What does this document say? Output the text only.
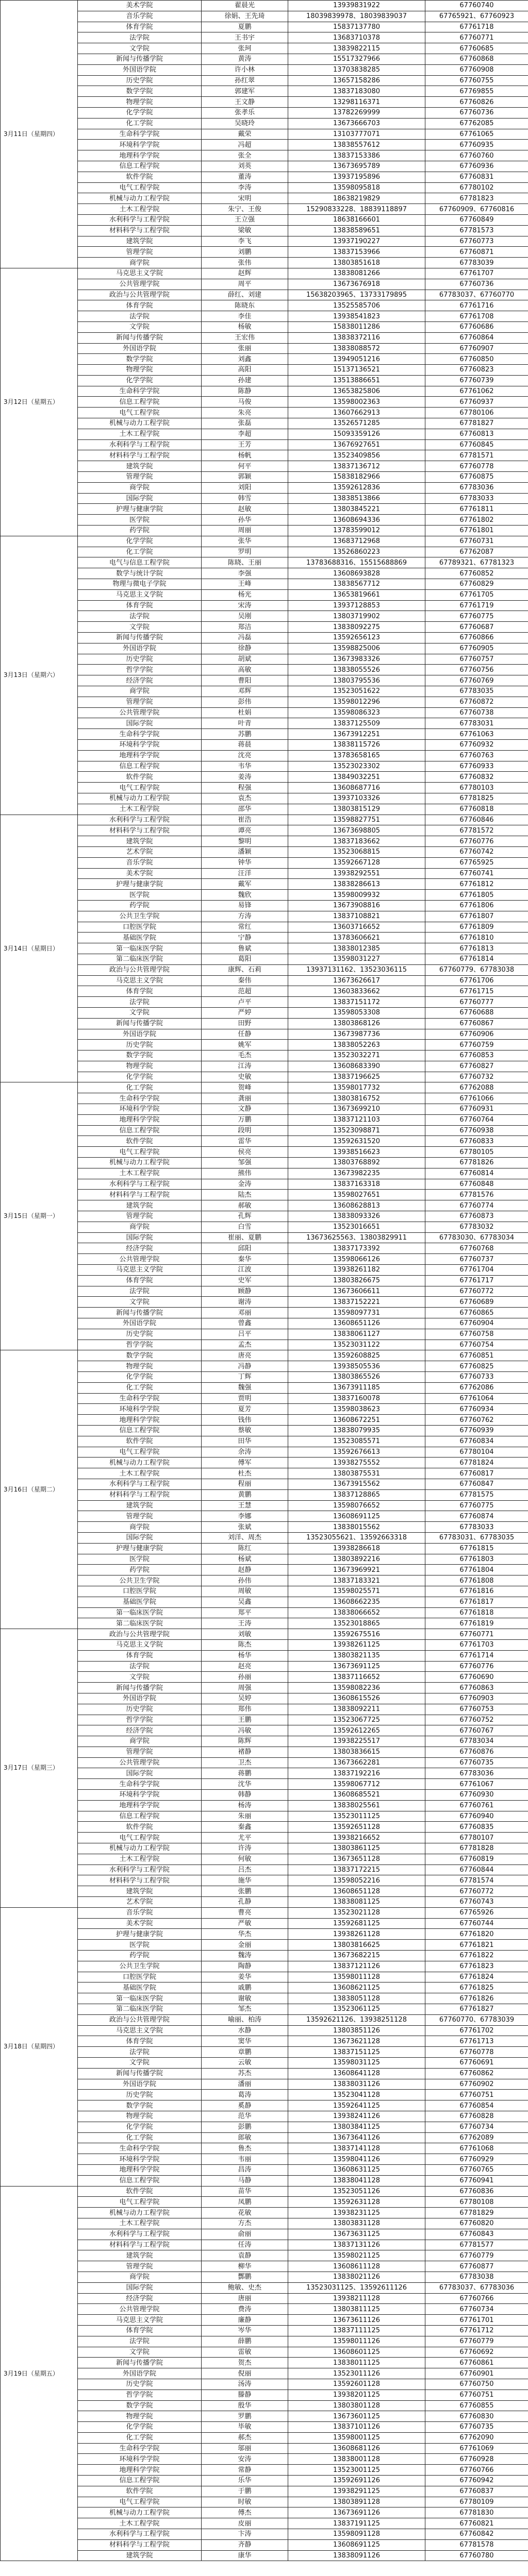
3月11日（星期四）	美术学院	翟晨光	13939831922	67760740
	音乐学院	徐娟、王先琦	18039839978、18039839037	67765921、67760923
	体育学院	夏鹏	15837137780	67761718
	法学院	王书宇	13683710378	67760771
	文学院	张珂	13839822115	67760685
	新闻与传播学院	黄涛	15517327966	67760868
	外国语学院	许小林	13703838285	67760908
	历史学院	孙红翠	13657158286	67760755
	数学学院	郭建军	13837183080	67769855
	物理学院	王文静	13298116371	67760826
	化学学院	张孝乐	13782269999	67760736
	化工学院	吴晓玲	13673666703	67762085
	生命科学学院	戴荣	13103777071	67761065
	环境科学学院	冯超	13838557612	67760935
	地理科学学院	张全	13837153386	67760760
	信息工程学院	刘英	13673695789	67760936
	软件学院	董涛	13937195896	67760831
	电气工程学院	李涛	13598095818	67780102
	机械与动力工程学院	宋明	18638219829	67781823
	土木工程学院	朱宁、王俊	15290833228、18839118897	67760909、67760816
	水利科学与工程学院	王立强	18638166601	67760849
	材料科学与工程学院	梁敏	13838589651	67781573
	建筑学院	李飞	13937190227	67760773
	管理学院	刘鹏	13837153966	67760871
	商学院	张伟	13803851618	67783039
3月12日（星期五）	马克思主义学院	赵辉	13838081266	67761707
	公共管理学院	周平	13673676918	67760736
	政治与公共管理学院	薛红、刘建	15638203965、13733179895	67783037、67760770
	体育学院	陈晓东	13525585706	67761716
	法学院	李佳	13938541823	67761708
	文学院	杨敏	15838011286	67760686
	新闻与传播学院	王宏伟	13838372116	67760864
	外国语学院	张丽	13838088572	67760907
	数学学院	刘鑫	13949051216	67760850
	物理学院	高阳	15137136521	67760823
	化学学院	孙建	13513886651	67760739
	生命科学学院	陈静	13653825806	67761062
	信息工程学院	马俊	13598002363	67760937
	电气工程学院	朱亮	13607662913	67780106
	机械与动力工程学院	张磊	13526571285	67781827
	土木工程学院	李超	15093359126	67760813
	水利科学与工程学院	王芳	13676927651	67760845
	材料科学与工程学院	杨帆	13523409856	67781571
	建筑学院	何平	13837136712	67760778
	管理学院	郭颖	15838182966	67760875
	商学院	刘阳	13592612836	67783036
	国际学院	韩雪	13838513866	67783033
	护理与健康学院	赵敏	13803845221	67761811
	医学院	孙华	13608694336	67761802
	药学院	周丽	13783599012	67761801
3月13日（星期六）	化学学院	张华	13683712968	67760731
	化工学院	罗明	13526860223	67762087
	电气与信息工程学院	陈晓、王丽	13783688316、15515688869	67789321、67781323
	数学与统计学院	李强	13608693828	67760852
	物理与微电子学院	王峰	13838567712	67760829
	马克思主义学院	杨光	13653819661	67761705
	体育学院	宋涛	13937128853	67761719
	法学院	吴刚	13803719902	67760775
	文学院	郑洁	13838092275	67760687
	新闻与传播学院	冯磊	13592656123	67760866
	外国语学院	徐静	13598825006	67760905
	历史学院	胡斌	13673983326	67760757
	哲学学院	高敏	13838055526	67760756
	经济学院	曹阳	13803795536	67760769
	商学院	邓辉	13523051622	67783035
	管理学院	彭伟	13598012296	67760872
	公共管理学院	杜娟	13598086323	67760738
	国际学院	叶青	13837125509	67783031
	生命科学学院	苏鹏	13673912251	67761063
	环境科学学院	蒋晨	13838115726	67760932
	地理科学学院	沈亮	13783658165	67760763
	信息工程学院	韦华	13523023302	67760933
	软件学院	姜涛	13849032251	67760832
	电气工程学院	程强	13608687716	67780103
	机械与动力工程学院	袁杰	13937103326	67781825
	土木工程学院	邵华	13803815129	67760818
3月14日（星期日）	水利科学与工程学院	崔浩	13598827751	67760846
	材料科学与工程学院	谭亮	13673698805	67781572
	建筑学院	黎明	13837183662	67760776
	艺术学院	潘颖	13523068815	67760742
	音乐学院	钟华	13592667128	67765925
	美术学院	汪洋	13938292551	67760741
	护理与健康学院	戴军	13838286613	67761812
	医学院	魏欣	13598009932	67761805
	药学院	易锋	13673908816	67761806
	公共卫生学院	方涛	13837108821	67761807
	口腔医学院	常红	13603716652	67761809
	基础医学院	宁静	13783606621	67761810
	第一临床医学院	鲁斌	13838012385	67761813
	第二临床医学院	葛阳	13598031227	67761814
	政治与公共管理学院	康辉、石莉	13937131162、13523036115	67760779、67783038
	马克思主义学院	秦伟	13673626617	67761706
	体育学院	范超	13603833662	67761715
	法学院	卢平	13837151172	67760777
	文学院	严婷	13598053308	67760688
	新闻与传播学院	田野	13803868126	67760867
	外国语学院	任静	13673987736	67760906
	历史学院	姚军	13838052263	67760759
	数学学院	毛杰	13523032271	67760853
	物理学院	江涛	13608683390	67760827
	化学学院	史敏	13837196625	67760732
3月15日（星期一）	化工学院	贺峰	13598017732	67762088
	生命科学学院	龚丽	13803816752	67761066
	环境科学学院	文静	13673699210	67760931
	地理科学学院	万鹏	13837121103	67760764
	信息工程学院	段明	13523098871	67760938
	软件学院	雷华	13592631520	67760833
	电气工程学院	侯亮	13938516623	67780105
	机械与动力工程学院	邹强	13803768892	67781826
	土木工程学院	熊伟	13673982235	67760814
	水利科学与工程学院	金涛	13837163318	67760848
	材料科学与工程学院	陆杰	13598027651	67781576
	建筑学院	郝敏	13608628813	67760774
	管理学院	孔辉	13838093326	67760873
	商学院	白雪	13523016651	67783032
	国际学院	崔丽、夏鹏	13673625563、13803829911	67783030、67783034
	经济学院	邱阳	13837173392	67760768
	公共管理学院	秦华	13598066126	67760737
	马克思主义学院	江波	13938261182	67761704
	体育学院	史军	13803826675	67761717
	法学院	顾静	13673606611	67760772
	文学院	谢涛	13837152221	67760689
	新闻与传播学院	邓丽	13598097731	67760865
	外国语学院	曾鑫	13608651126	67760904
	历史学院	吕平	13838061127	67760758
	哲学学院	孟杰	13523031122	67760754
3月16日（星期二）	数学学院	唐亮	13592608825	67760851
	物理学院	冯静	13938505536	67760825
	化学学院	丁辉	13803865526	67760733
	化工学院	魏强	13673911185	67762086
	生命科学学院	贾明	13837160078	67761064
	环境科学学院	夏芳	13598038623	67760934
	地理科学学院	钱伟	13608672251	67760762
	信息工程学院	蔡敏	13838079935	67760939
	软件学院	田华	13523085571	67760834
	电气工程学院	余涛	13592676613	67780104
	机械与动力工程学院	傅军	13938275552	67781824
	土木工程学院	杜杰	13803875531	67760817
	水利科学与工程学院	程丽	13673915562	67760847
	材料科学与工程学院	黄鹏	13837128865	67781575
	建筑学院	王慧	13598076652	67760775
	管理学院	李娜	13608691125	67760874
	商学院	张斌	13838015562	67783033
	国际学院	刘洋、周杰	13523055621、13592663318	67783031、67783035
	护理与健康学院	陈红	13938286618	67761815
	医学院	杨斌	13803892216	67761803
	药学院	赵静	13673969921	67761804
	公共卫生学院	孙伟	13837183321	67761808
	口腔医学院	周敏	13598025571	67761816
	基础医学院	吴鑫	13608662235	67761817
	第一临床医学院	郑平	13838066652	67761818
	第二临床医学院	王涛	13523018865	67761819
3月17日（星期三）	政治与公共管理学院	刘敏	13592675516	67760771
	马克思主义学院	陈杰	13938261125	67761703
	体育学院	杨华	13803821135	67761714
	法学院	赵亮	13673691125	67760776
	文学院	孙丽	13837116652	67760690
	新闻与传播学院	周强	13598082236	67760863
	外国语学院	吴婷	13608615526	67760903
	历史学院	郑伟	13838092211	67760753
	哲学学院	王鹏	13523067725	67760752
	经济学院	冯敏	13592612265	67760767
	商学院	陈辉	13938225517	67783034
	管理学院	褚静	13803836615	67760876
	公共管理学院	卫杰	13673662281	67760735
	国际学院	蒋鹏	13837192216	67783036
	生命科学学院	沈华	13598067712	67761067
	环境科学学院	韩静	13608685521	67760930
	地理科学学院	杨涛	13838025561	67760761
	信息工程学院	朱丽	13523011125	67760940
	软件学院	秦鑫	13592651128	67760835
	电气工程学院	尤平	13938216652	67780107
	机械与动力工程学院	许涛	13803861125	67781828
	土木工程学院	何敏	13673651128	67760819
	水利科学与工程学院	吕杰	13837172215	67760844
	材料科学与工程学院	施华	13598052216	67781574
	建筑学院	张鹏	13608651128	67760772
	艺术学院	孔静	13838081125	67760743
3月18日（星期四）	音乐学院	曹亮	13523021128	67765926
	美术学院	严敏	13592681125	67760744
	护理与健康学院	华杰	13938261128	67761820
	医学院	金丽	13803816625	67761821
	药学院	魏涛	13673682215	67761822
	公共卫生学院	陶静	13837121126	67761823
	口腔医学院	姜华	13598011128	67761824
	基础医学院	戚鹏	13608621125	67761825
	第一临床医学院	谢敏	13838051128	67761826
	第二临床医学院	邹杰	13523061125	67761827
	政治与公共管理学院	喻丽、柏涛	13592621126、13938251128	67760770、67783039
	马克思主义学院	水静	13803851126	67761702
	体育学院	窦华	13673621128	67761713
	法学院	章鹏	13837151125	67760778
	文学院	云敏	13598031125	67760691
	新闻与传播学院	苏杰	13608641128	67760862
	外国语学院	潘丽	13838031126	67760902
	历史学院	葛涛	13523041128	67760751
	数学学院	奚静	13592641125	67760854
	物理学院	范华	13938241126	67760828
	化学学院	彭鹏	13803841125	67760734
	化工学院	郎敏	13673641126	67762089
	生命科学学院	鲁杰	13837141128	67761068
	环境科学学院	韦丽	13598041126	67760929
	地理科学学院	昌涛	13608631125	67760765
	信息工程学院	马静	13838041128	67760941
3月19日（星期五）	软件学院	苗华	13523051126	67760836
	电气工程学院	凤鹏	13592631128	67780108
	机械与动力工程学院	花敏	13938231125	67781829
	土木工程学院	方杰	13803831128	67760820
	水利科学与工程学院	俞丽	13673631125	67760843
	材料科学与工程学院	任涛	13837131126	67781577
	建筑学院	袁静	13598021125	67760779
	管理学院	柳华	13608611128	67760877
	商学院	酆鹏	13838021126	67783038
	国际学院	鲍敏、史杰	13523031125、13592611126	67783037、67783036
	经济学院	唐丽	13938211128	67760766
	公共管理学院	费涛	13803811125	67760734
	马克思主义学院	廉静	13673611126	67761701
	体育学院	岑华	13837111125	67761712
	法学院	薛鹏	13598011126	67760779
	文学院	雷敏	13608601125	67760692
	新闻与传播学院	贺杰	13838011125	67760861
	外国语学院	倪丽	13523011126	67760901
	历史学院	汤涛	13592601128	67760750
	哲学学院	滕静	13938201125	67760751
	数学学院	殷华	13803801128	67760855
	物理学院	罗鹏	13673601125	67760830
	化学学院	毕敏	13837101126	67760735
	化工学院	郝杰	13598001125	67762090
	生命科学学院	邬丽	13608681126	67761069
	环境科学学院	安涛	13838001128	67760928
	地理科学学院	常静	13523001125	67760766
	信息工程学院	乐华	13592691126	67760942
	软件学院	于鹏	13938291125	67760837
	电气工程学院	时敏	13803891128	67780109
	机械与动力工程学院	傅杰	13673691126	67781830
	土木工程学院	皮丽	13837191125	67760821
	水利科学与工程学院	卞涛	13598091128	67760842
	材料科学与工程学院	齐静	13608691125	67781578
	建筑学院	康华	13838091126	67760780
